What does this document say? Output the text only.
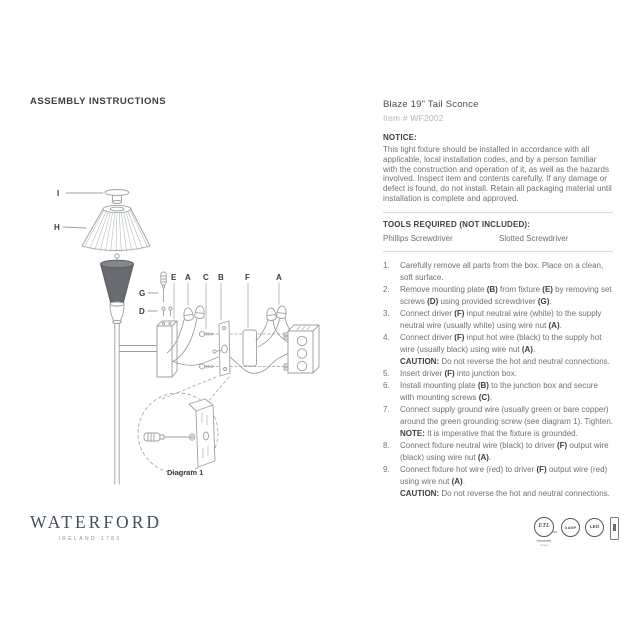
ASSEMBLY INSTRUCTIONS
I
H
G
D
E A C B	F	A
Diagram 1
Blaze 19" Tail Sconce
Item # WF2002
NOTICE:
This light fixture should be installed in accordance with all applicable, local installation codes, and by a person familiar with the construction and operation of it, as well as the hazards involved. Inspect item and contents carefully. If any damage or defect is found, do not install. Retain all packaging material until installation is complete and approved.
TOOLS REQUIRED (NOT INCLUDED):
Phillips Screwdriver	Slotted Screwdriver
1.	Carefully remove all parts from the box. Place on a clean, soft surface.
2.	Remove mounting plate (B) from fixture (E) by removing set screws (D) using provided screwdriver (G).
3.	Connect driver (F) input neutral wire (white) to the supply neutral wire (usually white) using wire nut (A).
4.	Connect driver (F) input hot wire (black) to the supply hot wire (usually black) using wire nut (A).
CAUTION: Do not reverse the hot and neutral connections.
5.	Insert driver (F) into junction box.
6.	Install mounting plate (B) to the junction box and secure with mounting screws (C).
7.	Connect supply ground wire (usually green or bare copper) around the green grounding screw (see diagram 1). Tighten.
NOTE: It is imperative that the fixture is grounded.
8.	Connect fixture neutral wire (black) to driver (F) output wire (black) using wire nut (A).
9.	Connect fixture hot wire (red) to driver (F) output wire (red) using wire nut (A).
CAUTION: Do not reverse the hot and neutral connections.
WATERFORD
IRELAND 1783
ETL
us
Intertek
Listed
DAMP	LED
